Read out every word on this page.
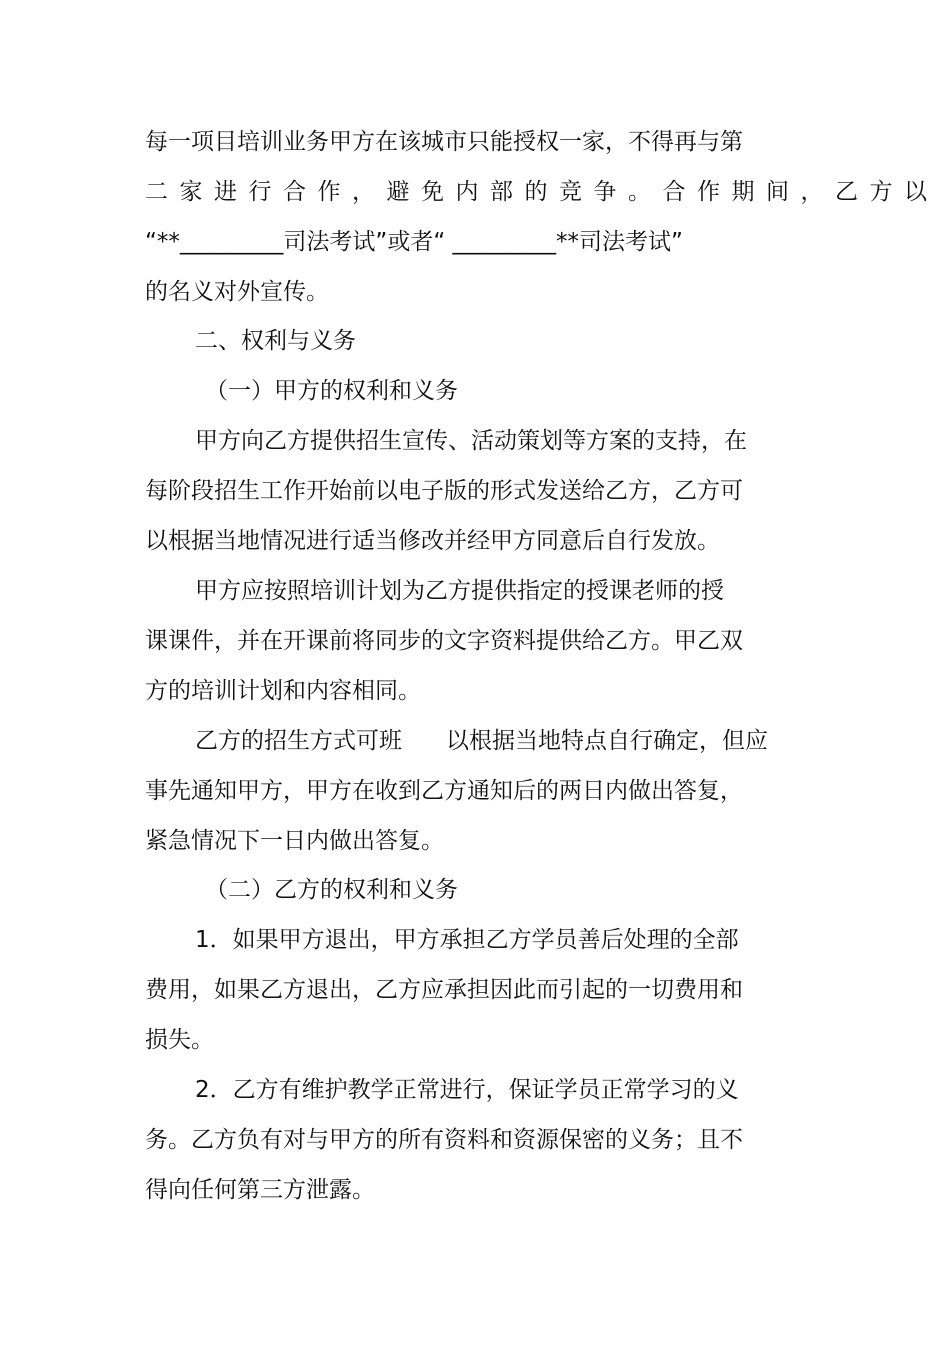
每一项目培训业务甲方在该城市只能授权一家，不得再与第
二家进行合作，避免内部的竞争。合作期间，乙方以
“**_________司法考试”或者“ _________**司法考试”
的名义对外宣传。
二、权利与义务
（一）甲方的权利和义务
甲方向乙方提供招生宣传、活动策划等方案的支持，在
每阶段招生工作开始前以电子版的形式发送给乙方，乙方可
以根据当地情况进行适当修改并经甲方同意后自行发放。
甲方应按照培训计划为乙方提供指定的授课老师的授
课课件，并在开课前将同步的文字资料提供给乙方。甲乙双
方的培训计划和内容相同。
乙方的招生方式可班 以根据当地特点自行确定，但应
事先通知甲方，甲方在收到乙方通知后的两日内做出答复，
紧急情况下一日内做出答复。
（二）乙方的权利和义务
1．如果甲方退出，甲方承担乙方学员善后处理的全部
费用，如果乙方退出，乙方应承担因此而引起的一切费用和
损失。
2．乙方有维护教学正常进行，保证学员正常学习的义
务。乙方负有对与甲方的所有资料和资源保密的义务；且不
得向任何第三方泄露。
